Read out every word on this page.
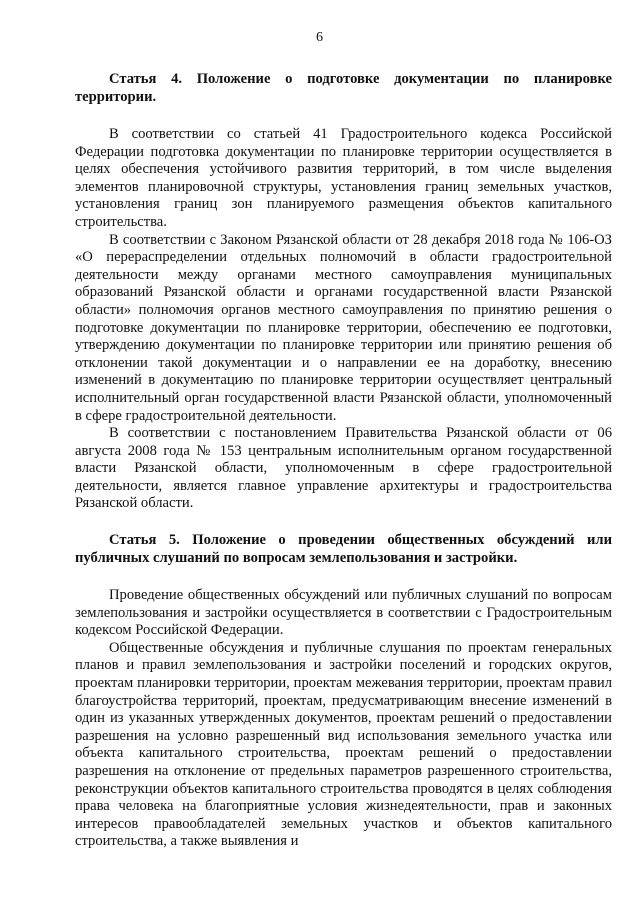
6

Статья 4. Положение о подготовке документации по планировке территории.

В соответствии со статьей 41 Градостроительного кодекса Российской Федерации подготовка документации по планировке территории осуществляется в целях обеспечения устойчивого развития территорий, в том числе выделения элементов планировочной структуры, установления границ земельных участков, установления границ зон планируемого размещения объектов капитального строительства.

В соответствии с Законом Рязанской области от 28 декабря 2018 года № 106-ОЗ «О перераспределении отдельных полномочий в области градостроительной деятельности между органами местного самоуправления муниципальных образований Рязанской области и органами государственной власти Рязанской области» полномочия органов местного самоуправления по принятию решения о подготовке документации по планировке территории, обеспечению ее подготовки, утверждению документации по планировке территории или принятию решения об отклонении такой документации и о направлении ее на доработку, внесению изменений в документацию по планировке территории осуществляет центральный исполнительный орган государственной власти Рязанской области, уполномоченный в сфере градостроительной деятельности.

В соответствии с постановлением Правительства Рязанской области от 06 августа 2008 года № 153 центральным исполнительным органом государственной власти Рязанской области, уполномоченным в сфере градостроительной деятельности, является главное управление архитектуры и градостроительства Рязанской области.

Статья 5. Положение о проведении общественных обсуждений или публичных слушаний по вопросам землепользования и застройки.

Проведение общественных обсуждений или публичных слушаний по вопросам землепользования и застройки осуществляется в соответствии с Градостроительным кодексом Российской Федерации.

Общественные обсуждения и публичные слушания по проектам генеральных планов и правил землепользования и застройки поселений и городских округов, проектам планировки территории, проектам межевания территории, проектам правил благоустройства территорий, проектам, предусматривающим внесение изменений в один из указанных утвержденных документов, проектам решений о предоставлении разрешения на условно разрешенный вид использования земельного участка или объекта капитального строительства, проектам решений о предоставлении разрешения на отклонение от предельных параметров разрешенного строительства, реконструкции объектов капитального строительства проводятся в целях соблюдения права человека на благоприятные условия жизнедеятельности, прав и законных интересов правообладателей земельных участков и объектов капитального строительства, а также выявления и
